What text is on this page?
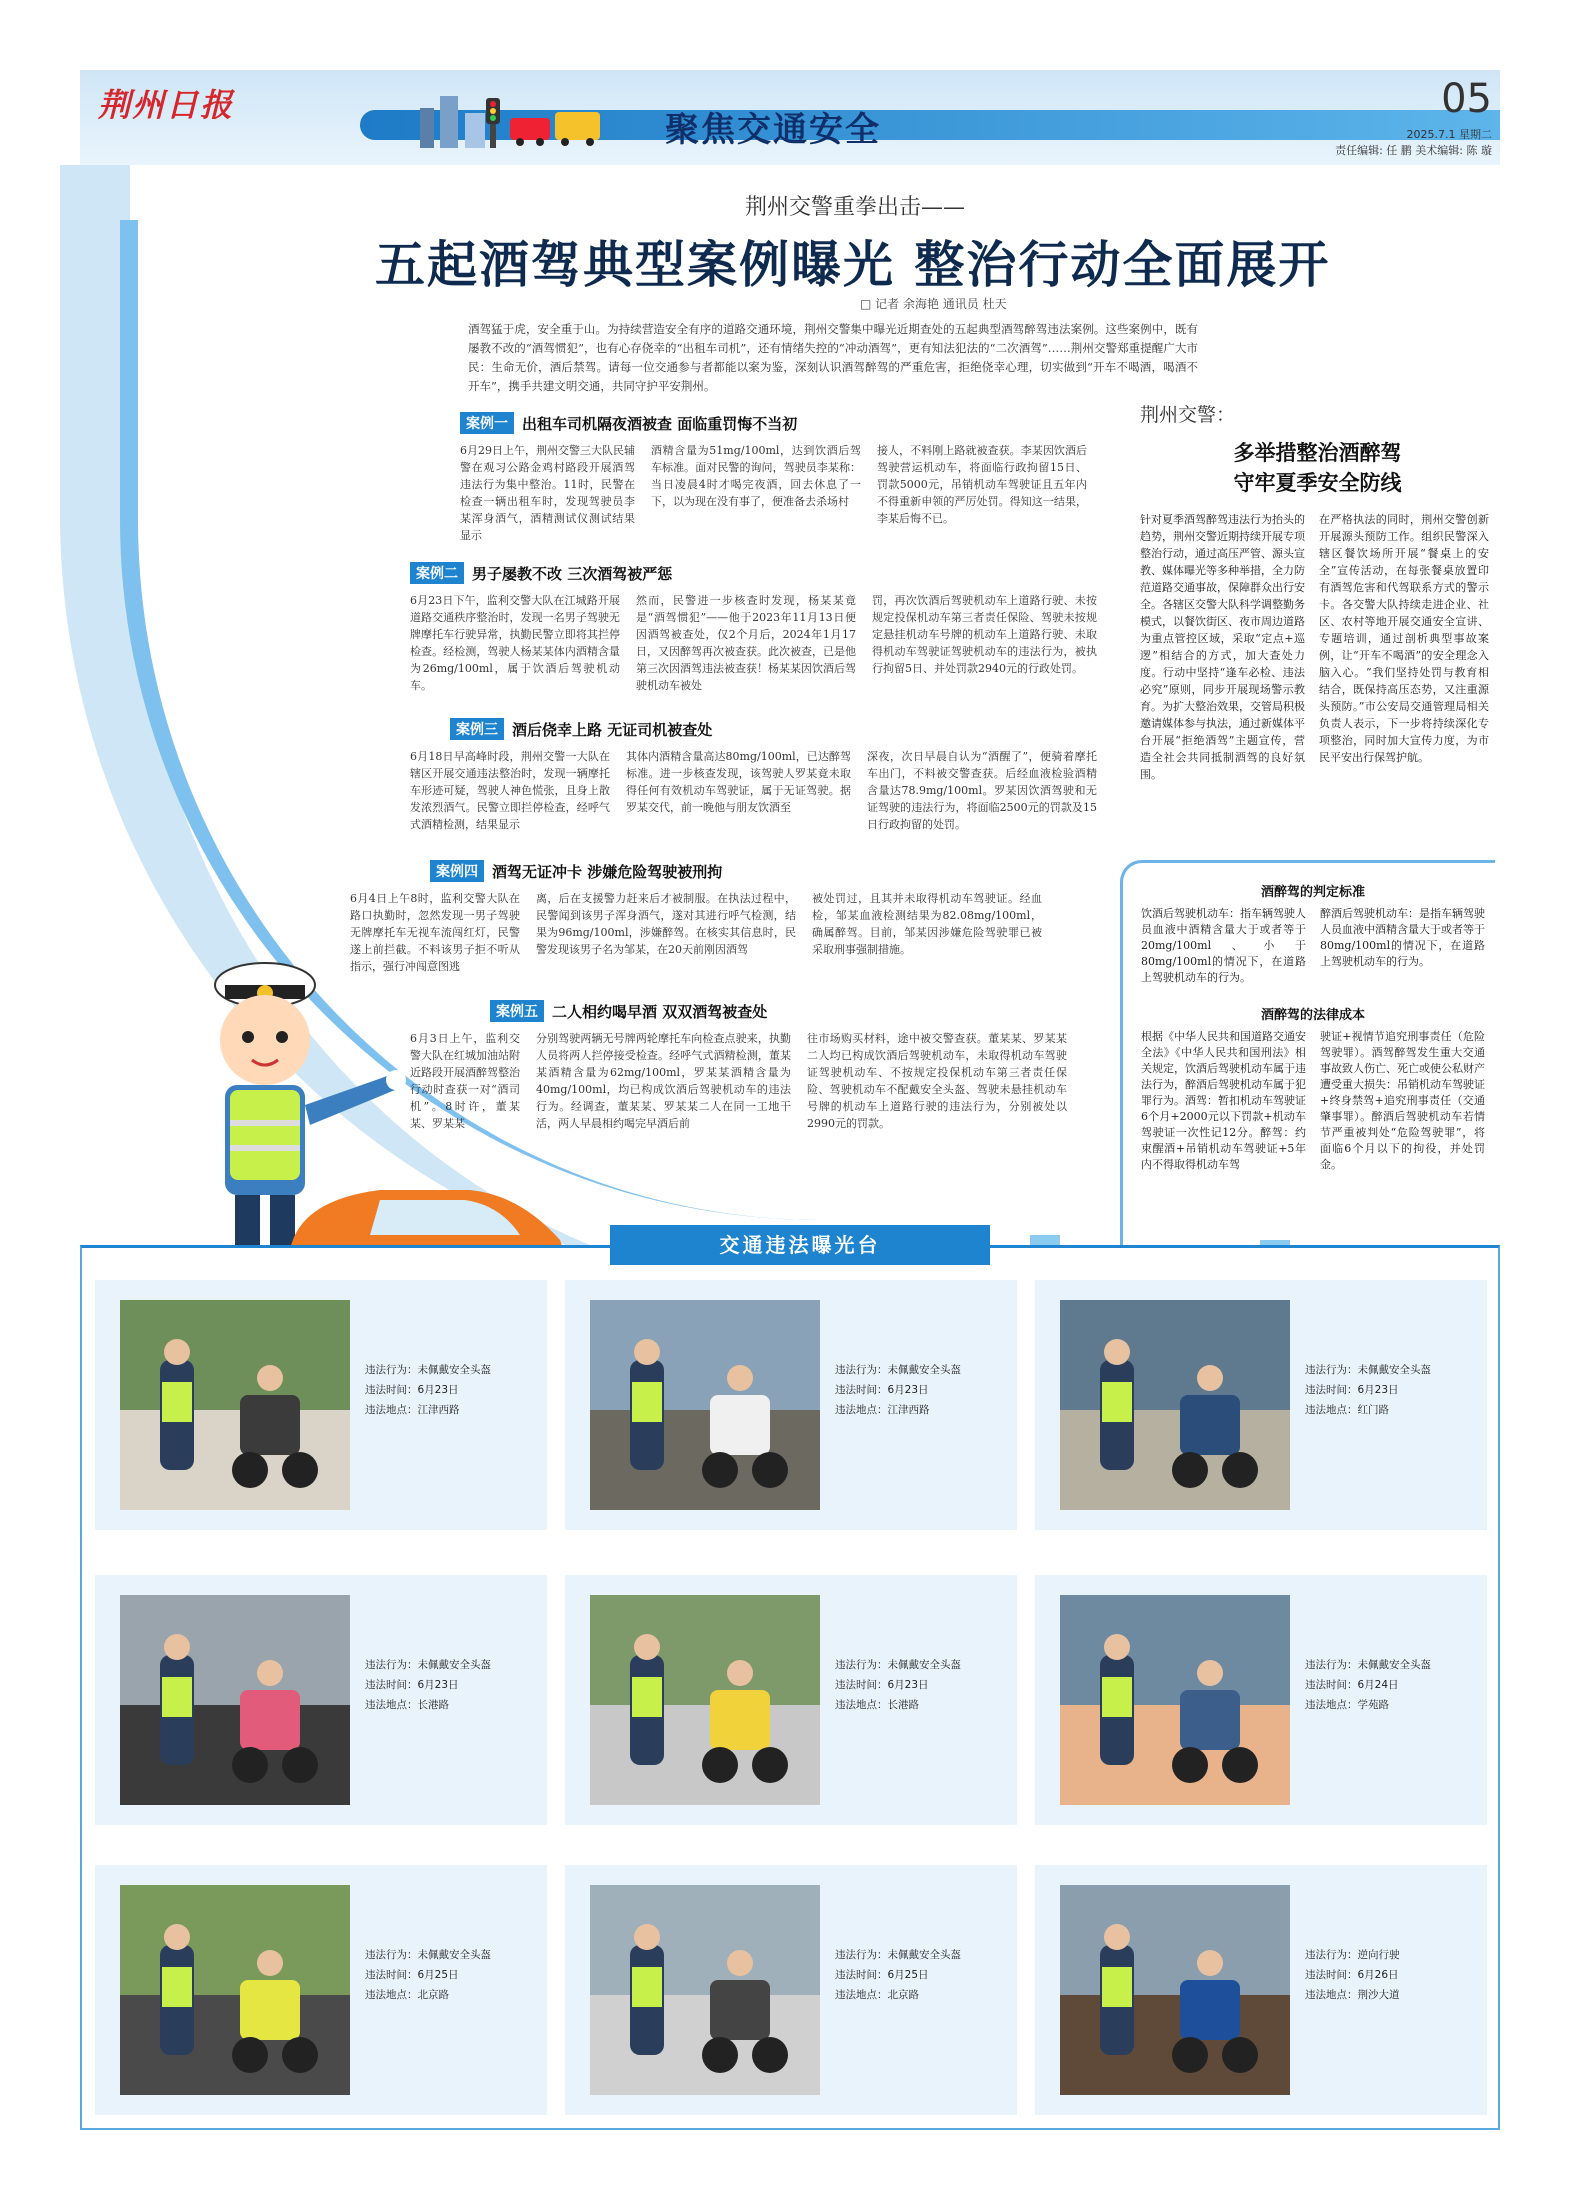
荆州日报
聚焦交通安全
05
2025.7.1 星期二
责任编辑: 任 鹏 美术编辑: 陈 璇
荆州交警重拳出击——
五起酒驾典型案例曝光 整治行动全面展开
□ 记者 余海艳 通讯员 杜天

酒驾猛于虎，安全重于山。为持续营造安全有序的道路交通环境，荆州交警集中曝光近期查处的五起典型酒驾醉驾违法案例。这些案例中，既有屡教不改的“酒驾惯犯”，也有心存侥幸的“出租车司机”，还有情绪失控的“冲动酒驾”，更有知法犯法的“二次酒驾”……荆州交警郑重提醒广大市民：生命无价，酒后禁驾。请每一位交通参与者都能以案为鉴，深刻认识酒驾醉驾的严重危害，拒绝侥幸心理，切实做到“开车不喝酒，喝酒不开车”，携手共建文明交通，共同守护平安荆州。

案例一 出租车司机隔夜酒被查 面临重罚悔不当初

6月29日上午，荆州交警三大队民辅警在观习公路金鸡村路段开展酒驾违法行为集中整治。11时，民警在检查一辆出租车时，发现驾驶员李某浑身酒气，酒精测试仪测试结果显示

酒精含量为51mg/100ml，达到饮酒后驾车标准。面对民警的询问，驾驶员李某称：当日凌晨4时才喝完夜酒，回去休息了一下，以为现在没有事了，便准备去杀场村

接人，不料刚上路就被查获。李某因饮酒后驾驶营运机动车，将面临行政拘留15日、罚款5000元，吊销机动车驾驶证且五年内不得重新申领的严厉处罚。得知这一结果，李某后悔不已。

案例二 男子屡教不改 三次酒驾被严惩

6月23日下午，监利交警大队在江城路开展道路交通秩序整治时，发现一名男子驾驶无牌摩托车行驶异常，执勤民警立即将其拦停检查。经检测，驾驶人杨某某体内酒精含量为26mg/100ml，属于饮酒后驾驶机动车。

然而，民警进一步核查时发现，杨某某竟是“酒驾惯犯”——他于2023年11月13日便因酒驾被查处，仅2个月后，2024年1月17日，又因醉驾再次被查获。此次被查，已是他第三次因酒驾违法被查获！杨某某因饮酒后驾驶机动车被处

罚，再次饮酒后驾驶机动车上道路行驶、未按规定投保机动车第三者责任保险、驾驶未按规定悬挂机动车号牌的机动车上道路行驶、未取得机动车驾驶证驾驶机动车的违法行为，被执行拘留5日、并处罚款2940元的行政处罚。

案例三 酒后侥幸上路 无证司机被查处

6月18日早高峰时段，荆州交警一大队在辖区开展交通违法整治时，发现一辆摩托车形迹可疑，驾驶人神色慌张，且身上散发浓烈酒气。民警立即拦停检查，经呼气式酒精检测，结果显示

其体内酒精含量高达80mg/100ml，已达醉驾标准。进一步核查发现，该驾驶人罗某竟未取得任何有效机动车驾驶证，属于无证驾驶。据罗某交代，前一晚他与朋友饮酒至

深夜，次日早晨自认为“酒醒了”，便骑着摩托车出门，不料被交警查获。后经血液检验酒精含量达78.9mg/100ml。罗某因饮酒驾驶和无证驾驶的违法行为，将面临2500元的罚款及15日行政拘留的处罚。

案例四 酒驾无证冲卡 涉嫌危险驾驶被刑拘

6月4日上午8时，监利交警大队在路口执勤时，忽然发现一男子驾驶无牌摩托车无视车流闯红灯，民警遂上前拦截。不料该男子拒不听从指示，强行冲闯意图逃

离，后在支援警力赶来后才被制服。在执法过程中，民警闻到该男子浑身酒气，遂对其进行呼气检测，结果为96mg/100ml，涉嫌醉驾。在核实其信息时，民警发现该男子名为邹某，在20天前刚因酒驾

被处罚过，且其并未取得机动车驾驶证。经血检，邹某血液检测结果为82.08mg/100ml，确属醉驾。目前，邹某因涉嫌危险驾驶罪已被采取刑事强制措施。

案例五 二人相约喝早酒 双双酒驾被查处

6月3日上午，监利交警大队在红城加油站附近路段开展酒醉驾整治行动时查获一对“酒司机”。8时许，董某某、罗某某

分别驾驶两辆无号牌两轮摩托车向检查点驶来，执勤人员将两人拦停接受检查。经呼气式酒精检测，董某某酒精含量为62mg/100ml，罗某某酒精含量为40mg/100ml，均已构成饮酒后驾驶机动车的违法行为。经调查，董某某、罗某某二人在同一工地干活，两人早晨相约喝完早酒后前

往市场购买材料，途中被交警查获。董某某、罗某某二人均已构成饮酒后驾驶机动车，未取得机动车驾驶证驾驶机动车、不按规定投保机动车第三者责任保险、驾驶机动车不配戴安全头盔、驾驶未悬挂机动车号牌的机动车上道路行驶的违法行为，分别被处以2990元的罚款。

荆州交警：
多举措整治酒醉驾
守牢夏季安全防线

针对夏季酒驾醉驾违法行为抬头的趋势，荆州交警近期持续开展专项整治行动，通过高压严管、源头宣教、媒体曝光等多种举措，全力防范道路交通事故，保障群众出行安全。各辖区交警大队科学调整勤务模式，以餐饮街区、夜市周边道路为重点管控区域，采取“定点+巡逻”相结合的方式，加大查处力度。行动中坚持“逢车必检、违法必究”原则，同步开展现场警示教育。为扩大整治效果，交管局积极邀请媒体参与执法，通过新媒体平台开展“拒绝酒驾”主题宣传，营造全社会共同抵制酒驾的良好氛围。

在严格执法的同时，荆州交警创新开展源头预防工作。组织民警深入辖区餐饮场所开展“餐桌上的安全”宣传活动，在每张餐桌放置印有酒驾危害和代驾联系方式的警示卡。各交警大队持续走进企业、社区、农村等地开展交通安全宣讲、专题培训，通过剖析典型事故案例，让“开车不喝酒”的安全理念入脑入心。“我们坚持处罚与教育相结合，既保持高压态势，又注重源头预防。”市公安局交通管理局相关负责人表示，下一步将持续深化专项整治，同时加大宣传力度，为市民平安出行保驾护航。

酒醉驾的判定标准

饮酒后驾驶机动车：指车辆驾驶人员血液中酒精含量大于或者等于20mg/100ml、小于80mg/100ml的情况下，在道路上驾驶机动车的行为。

醉酒后驾驶机动车：是指车辆驾驶人员血液中酒精含量大于或者等于80mg/100ml的情况下，在道路上驾驶机动车的行为。

酒醉驾的法律成本

根据《中华人民共和国道路交通安全法》《中华人民共和国刑法》相关规定，饮酒后驾驶机动车属于违法行为，醉酒后驾驶机动车属于犯罪行为。酒驾：暂扣机动车驾驶证6个月+2000元以下罚款+机动车驾驶证一次性记12分。醉驾：约束醒酒+吊销机动车驾驶证+5年内不得取得机动车驾

驶证+视情节追究刑事责任（危险驾驶罪）。酒驾醉驾发生重大交通事故致人伤亡、死亡或使公私财产遭受重大损失：吊销机动车驾驶证+终身禁驾+追究刑事责任（交通肇事罪）。醉酒后驾驶机动车若情节严重被判处“危险驾驶罪”，将面临6个月以下的拘役，并处罚金。

交通违法曝光台
违法行为：未佩戴安全头盔
违法时间：6月23日
违法地点：江津西路
违法行为：未佩戴安全头盔
违法时间：6月23日
违法地点：江津西路
违法行为：未佩戴安全头盔
违法时间：6月23日
违法地点：红门路
违法行为：未佩戴安全头盔
违法时间：6月23日
违法地点：长港路
违法行为：未佩戴安全头盔
违法时间：6月23日
违法地点：长港路
违法行为：未佩戴安全头盔
违法时间：6月24日
违法地点：学苑路
违法行为：未佩戴安全头盔
违法时间：6月25日
违法地点：北京路
违法行为：未佩戴安全头盔
违法时间：6月25日
违法地点：北京路
违法行为：逆向行驶
违法时间：6月26日
违法地点：荆沙大道
